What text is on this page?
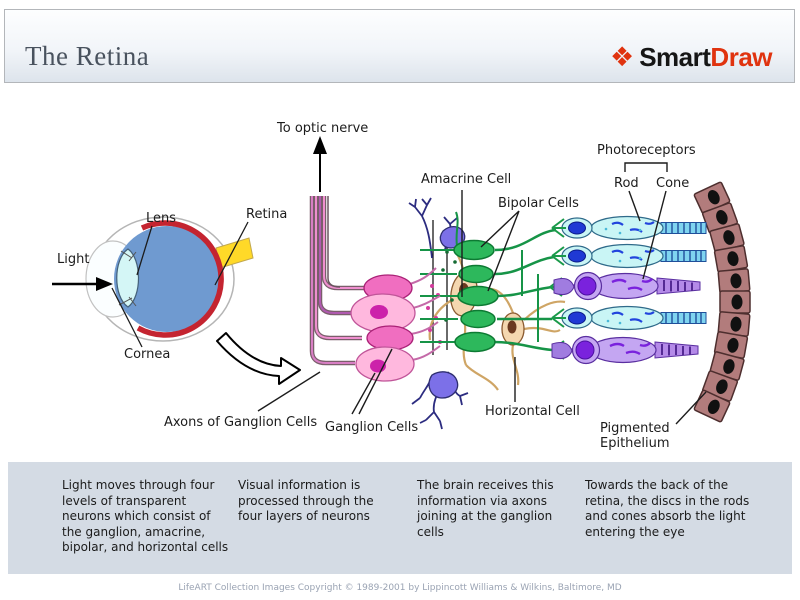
The Retina	❖ Smart Draw
To optic nerve
Light
Lens	Retina
Cornea
Axons of Ganglion Cells Ganglion Cells
Amacrine Cell
Bipolar Cells
Horizontal Cell
Photoreceptors
Rod Cone
Pigmented
Epithelium
Light moves through four levels of transparent neurons which consist of the ganglion, amacrine, bipolar, and horizontal cells
Visual information is processed through the four layers of neurons
The brain receives this information via axons joining at the ganglion cells
Towards the back of the retina, the discs in the rods and cones absorb the light entering the eye
LifeART Collection Images Copyright © 1989-2001 by Lippincott Williams & Wilkins, Baltimore, MD
